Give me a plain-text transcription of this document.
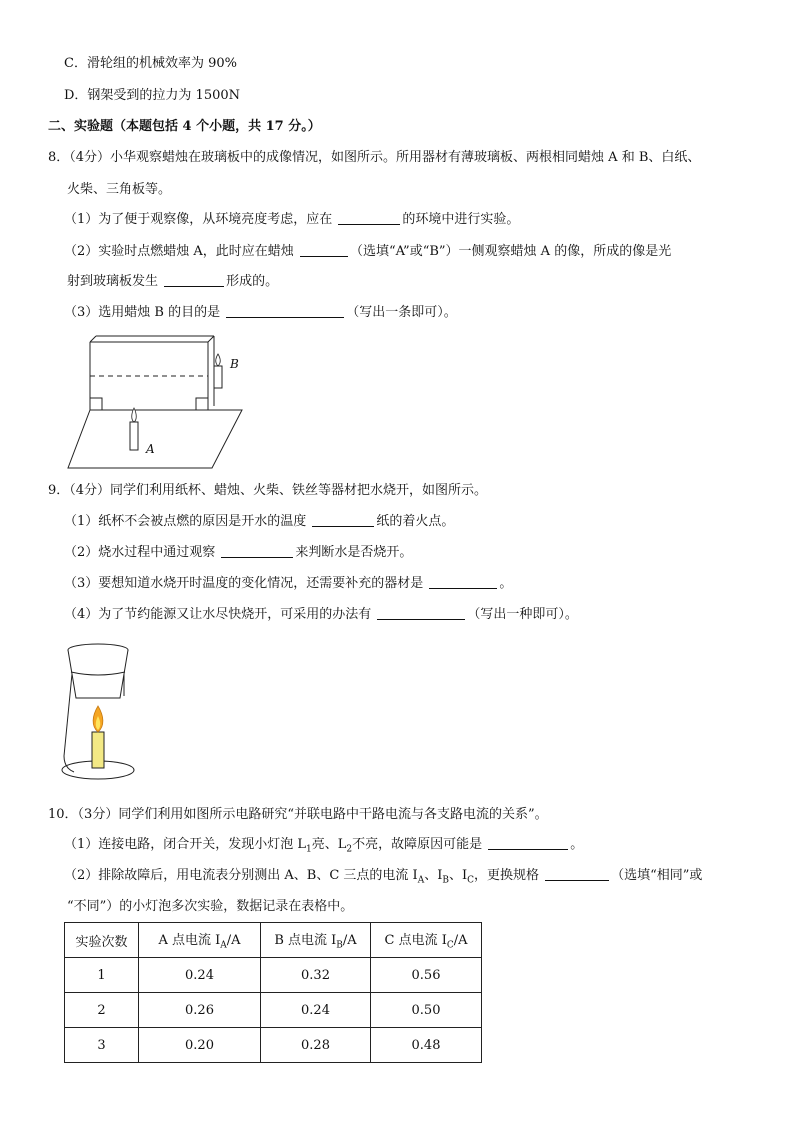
C．滑轮组的机械效率为 90%
D．钢架受到的拉力为 1500N
二、实验题（本题包括 4 个小题，共 17 分。）
8．（4分）小华观察蜡烛在玻璃板中的成像情况，如图所示。所用器材有薄玻璃板、两根相同蜡烛 A 和 B、白纸、
火柴、三角板等。
（1）为了便于观察像，从环境亮度考虑，应在	的环境中进行实验。
（2）实验时点燃蜡烛 A，此时应在蜡烛	（选填“A”或“B”）一侧观察蜡烛 A 的像，所成的像是光
射到玻璃板发生	形成的。
（3）选用蜡烛 B 的目的是	（写出一条即可）。
A
B
9．（4分）同学们利用纸杯、蜡烛、火柴、铁丝等器材把水烧开，如图所示。
（1）纸杯不会被点燃的原因是开水的温度	纸的着火点。
（2）烧水过程中通过观察	来判断水是否烧开。
（3）要想知道水烧开时温度的变化情况，还需要补充的器材是	。
（4）为了节约能源又让水尽快烧开，可采用的办法有	（写出一种即可）。
10．（3分）同学们利用如图所示电路研究“并联电路中干路电流与各支路电流的关系”。
（1）连接电路，闭合开关，发现小灯泡 $L_1$亮、$L_2$不亮，故障原因可能是	。
（2）排除故障后，用电流表分别测出 A、B、C 三点的电流 $I_A$、$I_B$、$I_C$，更换规格	（选填“相同”或
“不同”）的小灯泡多次实验，数据记录在表格中。
实验次数	A 点电流 $I_A/A$	B 点电流 $I_B/A$	C 点电流 $I_C/A$
1	0.24	0.32	0.56
2	0.26	0.24	0.50
3	0.20	0.28	0.48
